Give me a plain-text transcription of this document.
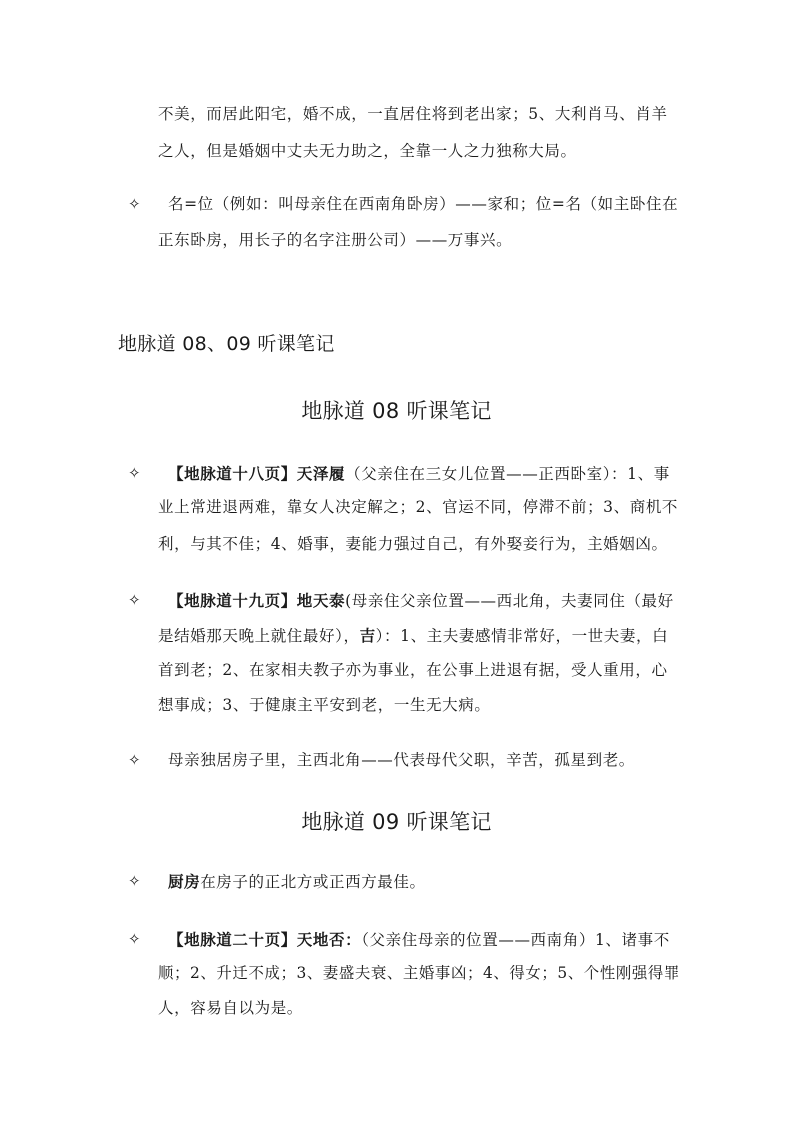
不美，而居此阳宅，婚不成，一直居住将到老出家；5、大利肖马、肖羊
之人，但是婚姻中丈夫无力助之，全靠一人之力独称大局。
✧ 名=位（例如：叫母亲住在西南角卧房）——家和；位=名（如主卧住在
正东卧房，用长子的名字注册公司）——万事兴。
地脉道 08、09 听课笔记
地脉道 08 听课笔记
✧ 【地脉道十八页】天泽履（父亲住在三女儿位置——正西卧室）：1、事
业上常进退两难，靠女人决定解之；2、官运不同，停滞不前；3、商机不
利，与其不佳；4、婚事，妻能力强过自己，有外娶妾行为，主婚姻凶。
✧ 【地脉道十九页】地天泰(母亲住父亲位置——西北角，夫妻同住（最好
是结婚那天晚上就住最好），吉）：1、主夫妻感情非常好，一世夫妻，白
首到老；2、在家相夫教子亦为事业，在公事上进退有据，受人重用，心
想事成；3、于健康主平安到老，一生无大病。
✧ 母亲独居房子里，主西北角——代表母代父职，辛苦，孤星到老。
地脉道 09 听课笔记
✧ 厨房在房子的正北方或正西方最佳。
✧ 【地脉道二十页】天地否：（父亲住母亲的位置——西南角）1、诸事不
顺；2、升迁不成；3、妻盛夫衰、主婚事凶；4、得女；5、个性刚强得罪
人，容易自以为是。
